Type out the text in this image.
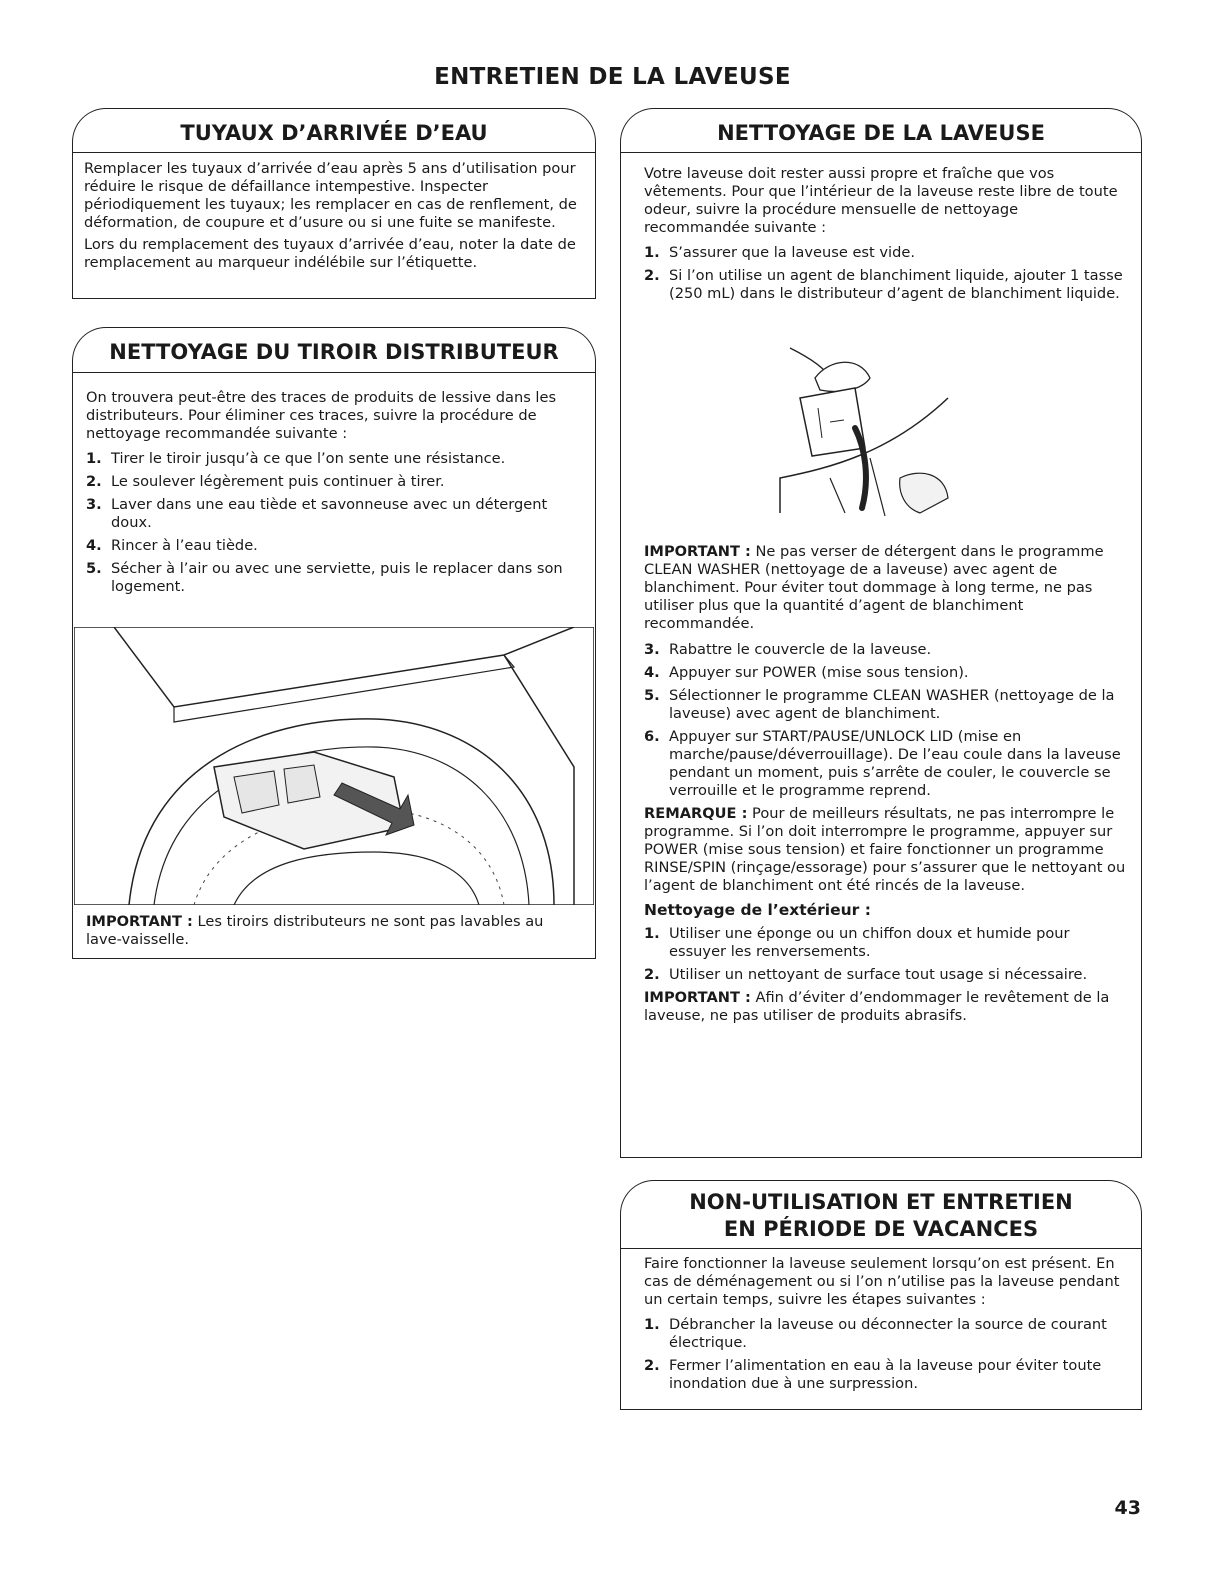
ENTRETIEN DE LA LAVEUSE
TUYAUX D’ARRIVÉE D’EAU

Remplacer les tuyaux d’arrivée d’eau après 5 ans d’utilisation pour réduire le risque de défaillance intempestive. Inspecter périodiquement les tuyaux; les remplacer en cas de renflement, de déformation, de coupure et d’usure ou si une fuite se manifeste.

Lors du remplacement des tuyaux d’arrivée d’eau, noter la date de remplacement au marqueur indélébile sur l’étiquette.

NETTOYAGE DU TIROIR DISTRIBUTEUR

On trouvera peut-être des traces de produits de lessive dans les distributeurs. Pour éliminer ces traces, suivre la procédure de nettoyage recommandée suivante :

1. Tirer le tiroir jusqu’à ce que l’on sente une résistance.
2. Le soulever légèrement puis continuer à tirer.
3. Laver dans une eau tiède et savonneuse avec un détergent doux.
4. Rincer à l’eau tiède.
5. Sécher à l’air ou avec une serviette, puis le replacer dans son logement.

IMPORTANT : Les tiroirs distributeurs ne sont pas lavables au lave-vaisselle.

NETTOYAGE DE LA LAVEUSE

Votre laveuse doit rester aussi propre et fraîche que vos vêtements. Pour que l’intérieur de la laveuse reste libre de toute odeur, suivre la procédure mensuelle de nettoyage recommandée suivante :

1. S’assurer que la laveuse est vide.
2. Si l’on utilise un agent de blanchiment liquide, ajouter 1 tasse (250 mL) dans le distributeur d’agent de blanchiment liquide.

IMPORTANT : Ne pas verser de détergent dans le programme CLEAN WASHER (nettoyage de a laveuse) avec agent de blanchiment. Pour éviter tout dommage à long terme, ne pas utiliser plus que la quantité d’agent de blanchiment recommandée.

3. Rabattre le couvercle de la laveuse.
4. Appuyer sur POWER (mise sous tension).
5. Sélectionner le programme CLEAN WASHER (nettoyage de la laveuse) avec agent de blanchiment.
6. Appuyer sur START/PAUSE/UNLOCK LID (mise en marche/pause/déverrouillage). De l’eau coule dans la laveuse pendant un moment, puis s’arrête de couler, le couvercle se verrouille et le programme reprend.

REMARQUE : Pour de meilleurs résultats, ne pas interrompre le programme. Si l’on doit interrompre le programme, appuyer sur POWER (mise sous tension) et faire fonctionner un programme RINSE/SPIN (rinçage/essorage) pour s’assurer que le nettoyant ou l’agent de blanchiment ont été rincés de la laveuse.

Nettoyage de l’extérieur :
1. Utiliser une éponge ou un chiffon doux et humide pour essuyer les renversements.
2. Utiliser un nettoyant de surface tout usage si nécessaire.

IMPORTANT : Afin d’éviter d’endommager le revêtement de la laveuse, ne pas utiliser de produits abrasifs.

NON-UTILISATION ET ENTRETIEN
EN PÉRIODE DE VACANCES

Faire fonctionner la laveuse seulement lorsqu’on est présent. En cas de déménagement ou si l’on n’utilise pas la laveuse pendant un certain temps, suivre les étapes suivantes :

1. Débrancher la laveuse ou déconnecter la source de courant électrique.
2. Fermer l’alimentation en eau à la laveuse pour éviter toute inondation due à une surpression.
43
